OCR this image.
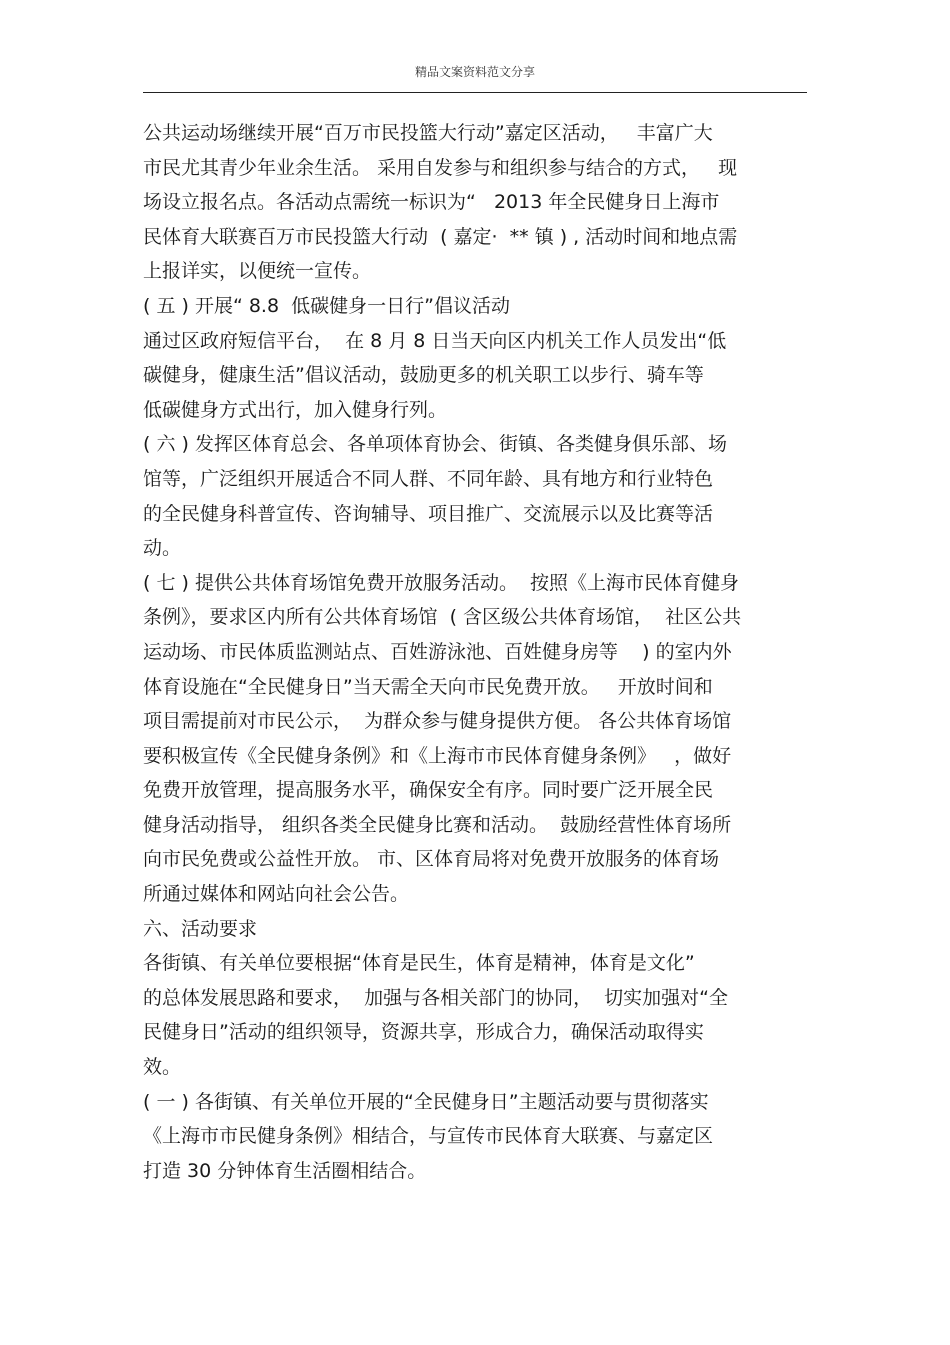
精品文案资料范文分享
公共运动场继续开展“百万市民投篮大行动”嘉定区活动，   丰富广大
市民尤其青少年业余生活。 采用自发参与和组织参与结合的方式，   现
场设立报名点。各活动点需统一标识为“   2013 年全民健身日上海市
民体育大联赛百万市民投篮大行动  ( 嘉定·  ** 镇 ) , 活动时间和地点需
上报详实，以便统一宣传。
( 五 ) 开展“ 8.8  低碳健身一日行”倡议活动
通过区政府短信平台，  在 8 月 8 日当天向区内机关工作人员发出“低
碳健身，健康生活”倡议活动，鼓励更多的机关职工以步行、骑车等
低碳健身方式出行，加入健身行列。
( 六 ) 发挥区体育总会、各单项体育协会、街镇、各类健身俱乐部、场
馆等，广泛组织开展适合不同人群、不同年龄、具有地方和行业特色
的全民健身科普宣传、咨询辅导、项目推广、交流展示以及比赛等活
动。
( 七 ) 提供公共体育场馆免费开放服务活动。  按照《上海市民体育健身
条例》，要求区内所有公共体育场馆  ( 含区级公共体育场馆，  社区公共
运动场、市民体质监测站点、百姓游泳池、百姓健身房等    ) 的室内外
体育设施在“全民健身日”当天需全天向市民免费开放。   开放时间和
项目需提前对市民公示，  为群众参与健身提供方便。 各公共体育场馆
要积极宣传《全民健身条例》和《上海市市民体育健身条例》   ，做好
免费开放管理，提高服务水平，确保安全有序。同时要广泛开展全民
健身活动指导， 组织各类全民健身比赛和活动。  鼓励经营性体育场所
向市民免费或公益性开放。 市、区体育局将对免费开放服务的体育场
所通过媒体和网站向社会公告。
六、活动要求
各街镇、有关单位要根据“体育是民生，体育是精神，体育是文化”
的总体发展思路和要求，  加强与各相关部门的协同，  切实加强对“全
民健身日”活动的组织领导，资源共享，形成合力，确保活动取得实
效。
( 一 ) 各街镇、有关单位开展的“全民健身日”主题活动要与贯彻落实
《上海市市民健身条例》相结合，与宣传市民体育大联赛、与嘉定区
打造 30 分钟体育生活圈相结合。
